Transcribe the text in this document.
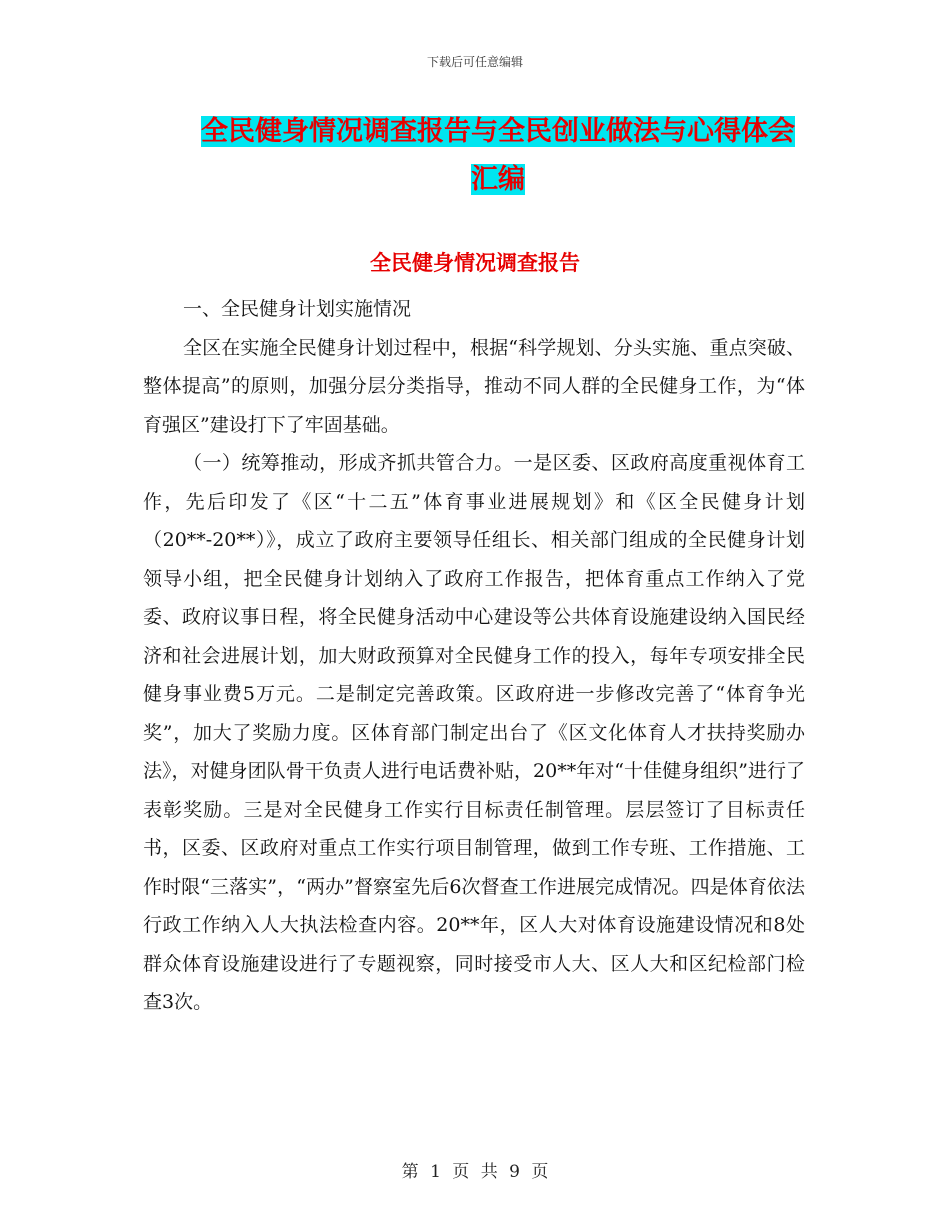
下载后可任意编辑
全民健身情况调查报告与全民创业做法与心得体会汇编
全民健身情况调查报告

一、全民健身计划实施情况

全区在实施全民健身计划过程中，根据“科学规划、分头实施、重点突破、整体提高”的原则，加强分层分类指导，推动不同人群的全民健身工作，为“体育强区”建设打下了牢固基础。

（一）统筹推动，形成齐抓共管合力。一是区委、区政府高度重视体育工作，先后印发了《区“十二五”体育事业进展规划》和《区全民健身计划（20**-20**）》，成立了政府主要领导任组长、相关部门组成的全民健身计划领导小组，把全民健身计划纳入了政府工作报告，把体育重点工作纳入了党委、政府议事日程，将全民健身活动中心建设等公共体育设施建设纳入国民经济和社会进展计划，加大财政预算对全民健身工作的投入，每年专项安排全民健身事业费5万元。二是制定完善政策。区政府进一步修改完善了“体育争光奖”，加大了奖励力度。区体育部门制定出台了《区文化体育人才扶持奖励办法》，对健身团队骨干负责人进行电话费补贴，20**年对“十佳健身组织”进行了表彰奖励。三是对全民健身工作实行目标责任制管理。层层签订了目标责任书，区委、区政府对重点工作实行项目制管理，做到工作专班、工作措施、工作时限“三落实”，“两办”督察室先后6次督查工作进展完成情况。四是体育依法行政工作纳入人大执法检查内容。20**年，区人大对体育设施建设情况和8处群众体育设施建设进行了专题视察，同时接受市人大、区人大和区纪检部门检查3次。

第 1 页 共 9 页
